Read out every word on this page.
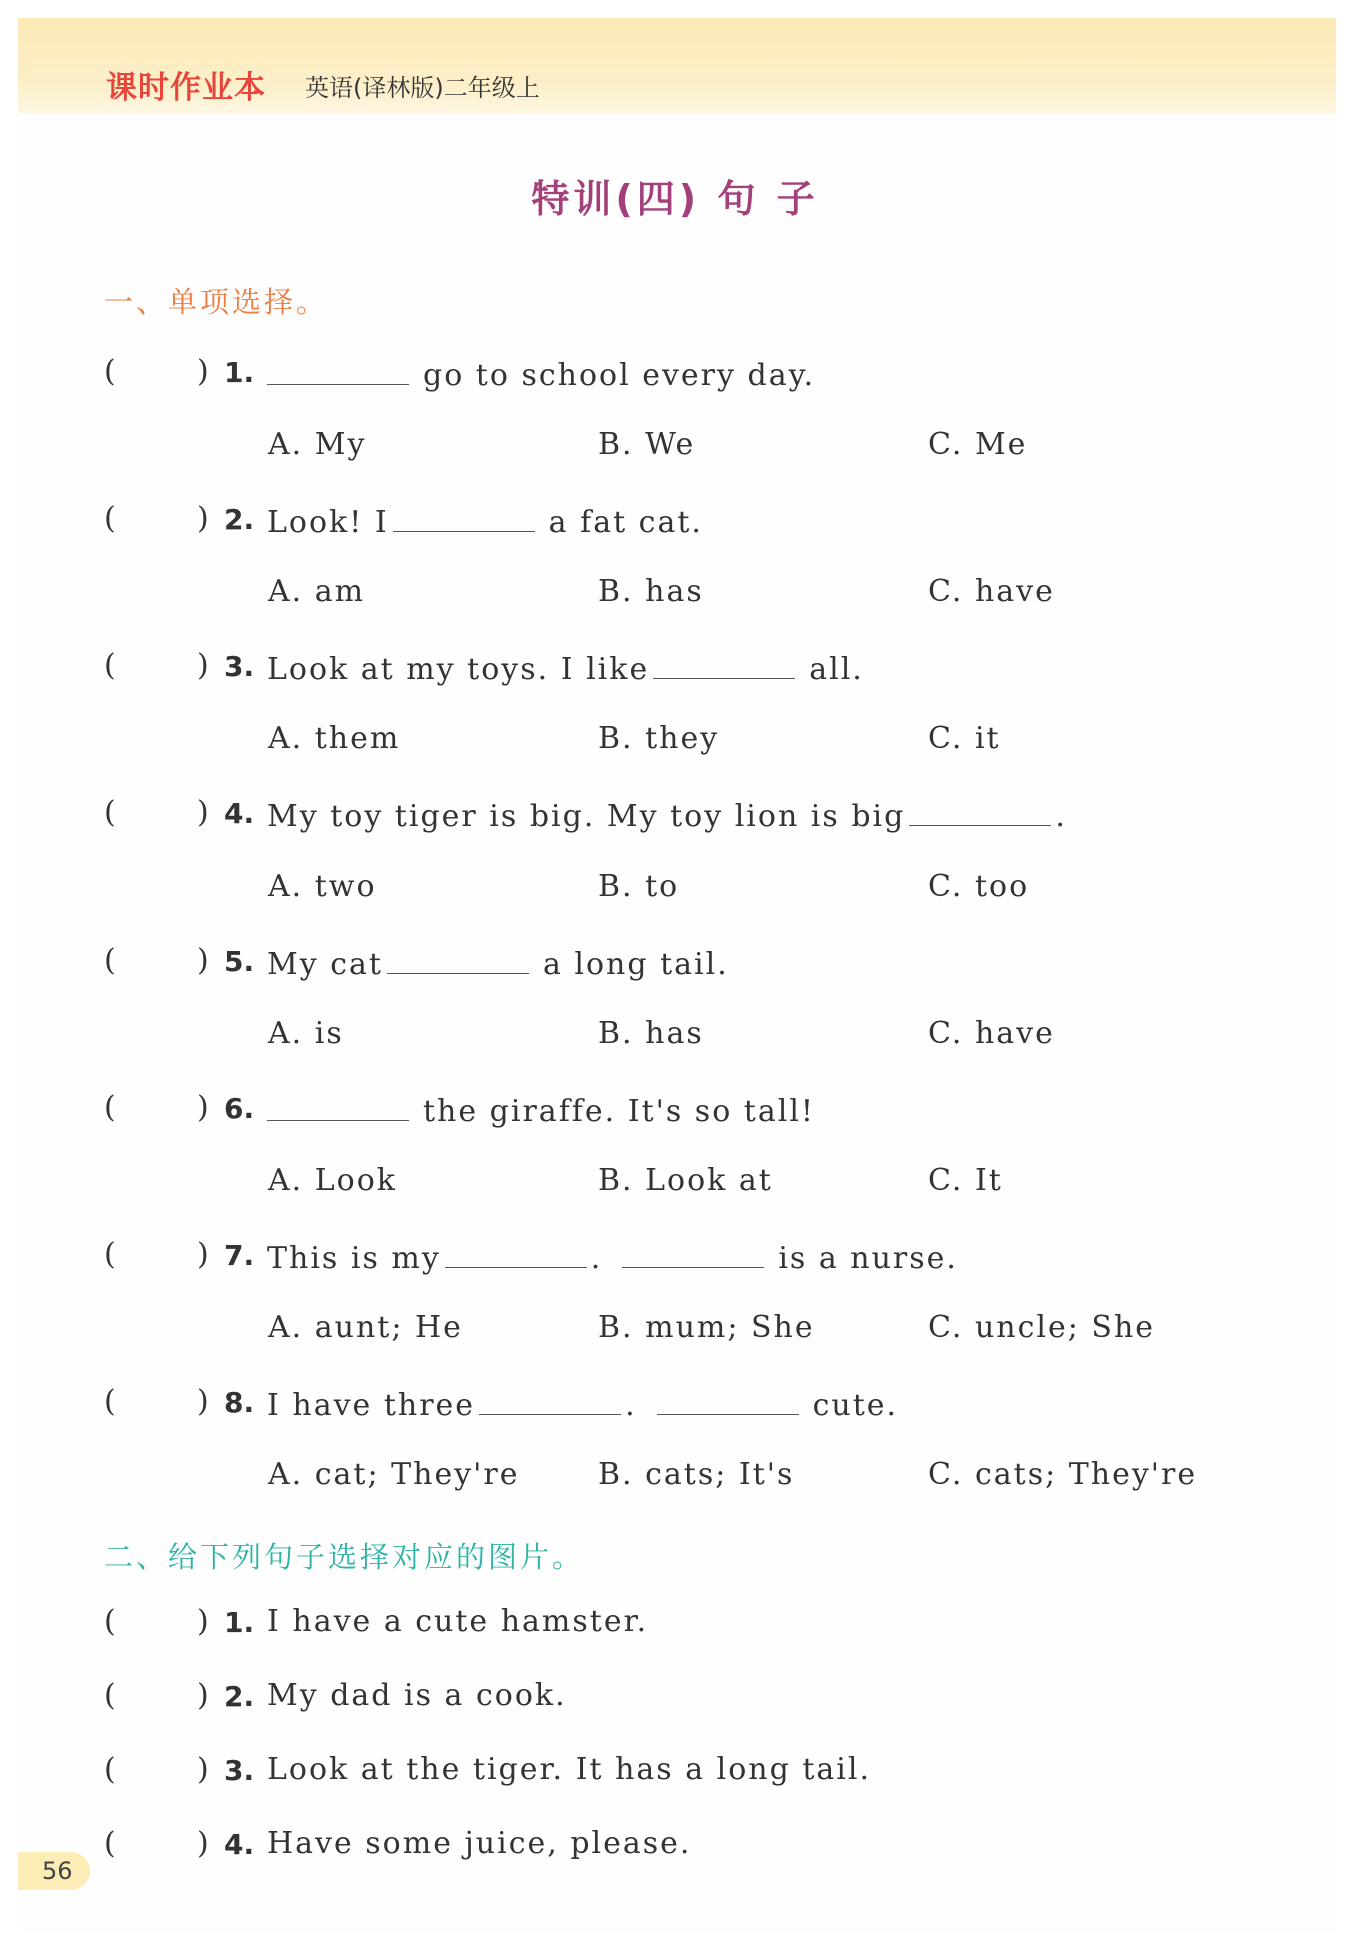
课时作业本 英语(译林版)二年级上
特训(四) 句 子
一、单项选择。
(	) 1.	go to school every day.
A. My	B. We	C. Me
(	) 2. Look! I	a fat cat.
A. am	B. has	C. have
(	) 3. Look at my toys. I like	all.
A. them	B. they	C. it
(	) 4. My toy tiger is big. My toy lion is big	.
A. two	B. to	C. too
(	) 5. My cat	a long tail.
A. is	B. has	C. have
(	) 6.	the giraffe. It's so tall!
A. Look	B. Look at	C. It
(	) 7. This is my	.	is a nurse.
A. aunt; He	B. mum; She	C. uncle; She
(	) 8. I have three	.	cute.
A. cat; They're	B. cats; It's	C. cats; They're
二、给下列句子选择对应的图片。
(	) 1. I have a cute hamster.
(	) 2. My dad is a cook.
(	) 3. Look at the tiger. It has a long tail.
(	) 4. Have some juice, please.
56
